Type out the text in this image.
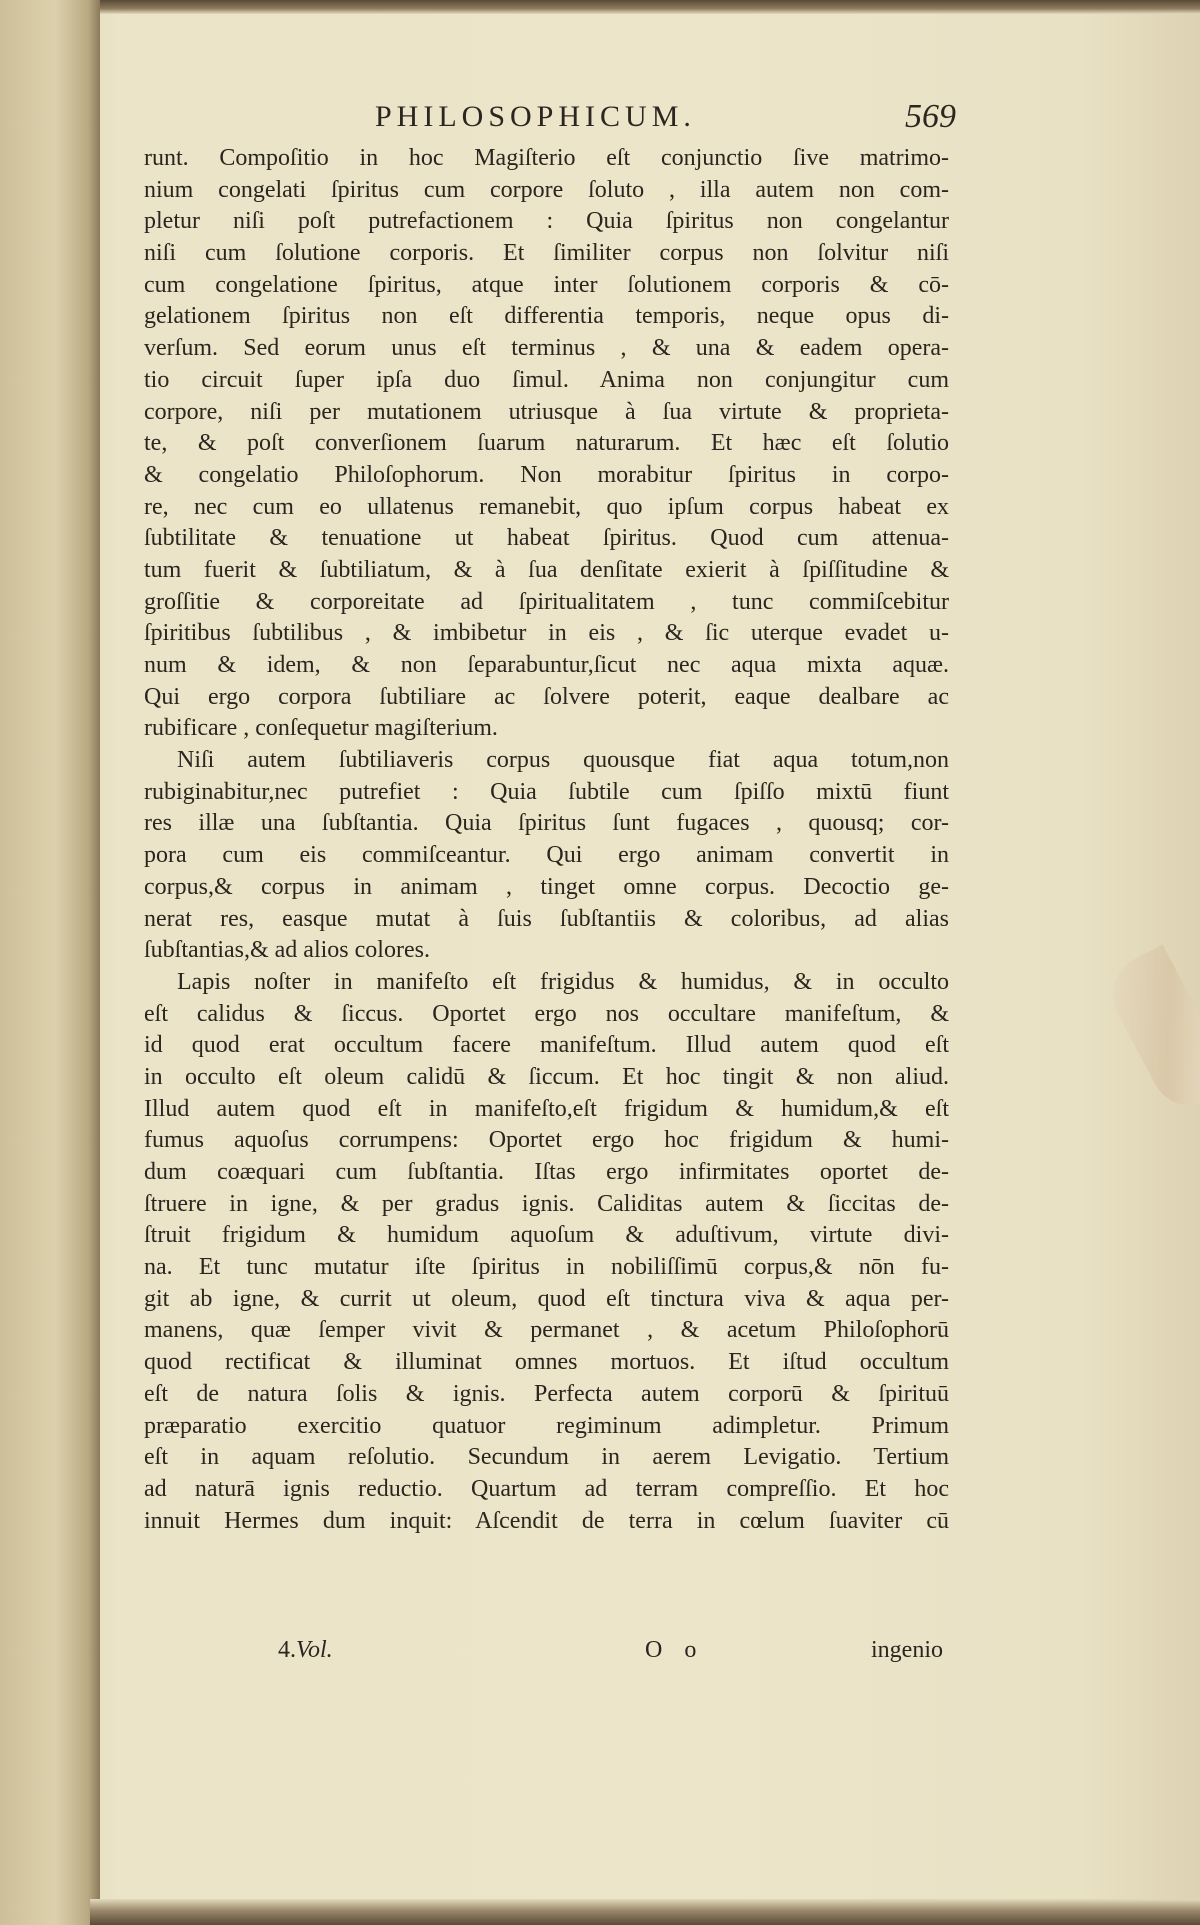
PHILOSOPHICUM.	569
runt. Compoſitio in hoc Magiſterio eſt conjunctio ſive matrimo-
nium congelati ſpiritus cum corpore ſoluto , illa autem non com-
pletur niſi poſt putrefactionem : Quia ſpiritus non congelantur
niſi cum ſolutione corporis. Et ſimiliter corpus non ſolvitur niſi
cum congelatione ſpiritus, atque inter ſolutionem corporis & cō-
gelationem ſpiritus non eſt differentia temporis, neque opus di-
verſum. Sed eorum unus eſt terminus , & una & eadem opera-
tio circuit ſuper ipſa duo ſimul. Anima non conjungitur cum
corpore, niſi per mutationem utriusque à ſua virtute & proprieta-
te, & poſt converſionem ſuarum naturarum. Et hæc eſt ſolutio
& congelatio Philoſophorum. Non morabitur ſpiritus in corpo-
re, nec cum eo ullatenus remanebit, quo ipſum corpus habeat ex
ſubtilitate & tenuatione ut habeat ſpiritus. Quod cum attenua-
tum fuerit & ſubtiliatum, & à ſua denſitate exierit à ſpiſſitudine &
groſſitie & corporeitate ad ſpiritualitatem , tunc commiſcebitur
ſpiritibus ſubtilibus , & imbibetur in eis , & ſic uterque evadet u-
num & idem, & non ſeparabuntur,ſicut nec aqua mixta aquæ.
Qui ergo corpora ſubtiliare ac ſolvere poterit, eaque dealbare ac
rubificare , conſequetur magiſterium.
Niſi autem ſubtiliaveris corpus quousque fiat aqua totum,non
rubiginabitur,nec putrefiet : Quia ſubtile cum ſpiſſo mixtū fiunt
res illæ una ſubſtantia. Quia ſpiritus ſunt fugaces , quousq; cor-
pora cum eis commiſceantur. Qui ergo animam convertit in
corpus,& corpus in animam , tinget omne corpus. Decoctio ge-
nerat res, easque mutat à ſuis ſubſtantiis & coloribus, ad alias
ſubſtantias,& ad alios colores.
Lapis noſter in manifeſto eſt frigidus & humidus, & in occulto
eſt calidus & ſiccus. Oportet ergo nos occultare manifeſtum, &
id quod erat occultum facere manifeſtum. Illud autem quod eſt
in occulto eſt oleum calidū & ſiccum. Et hoc tingit & non aliud.
Illud autem quod eſt in manifeſto,eſt frigidum & humidum,& eſt
fumus aquoſus corrumpens: Oportet ergo hoc frigidum & humi-
dum coæquari cum ſubſtantia. Iſtas ergo infirmitates oportet de-
ſtruere in igne, & per gradus ignis. Caliditas autem & ſiccitas de-
ſtruit frigidum & humidum aquoſum & aduſtivum, virtute divi-
na. Et tunc mutatur iſte ſpiritus in nobiliſſimū corpus,& nōn fu-
git ab igne, & currit ut oleum, quod eſt tinctura viva & aqua per-
manens, quæ ſemper vivit & permanet , & acetum Philoſophorū
quod rectificat & illuminat omnes mortuos. Et iſtud occultum
eſt de natura ſolis & ignis. Perfecta autem corporū & ſpirituū
præparatio exercitio quatuor regiminum adimpletur. Primum
eſt in aquam reſolutio. Secundum in aerem Levigatio. Tertium
ad naturā ignis reductio. Quartum ad terram compreſſio. Et hoc
innuit Hermes dum inquit: Aſcendit de terra in cœlum ſuaviter cū
4.Vol.	O o	ingenio
